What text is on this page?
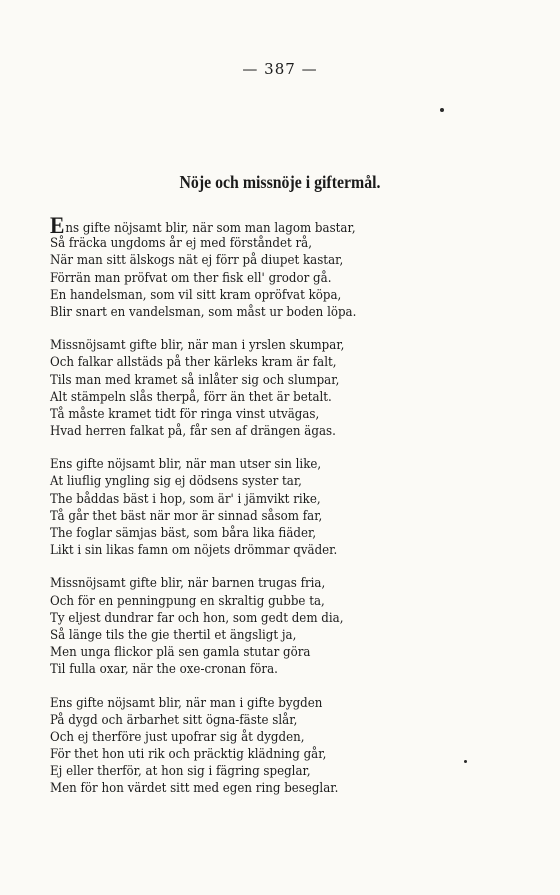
— 387 —
Nöje och missnöje i giftermål.
Ens gifte nöjsamt blir, när som man lagom bastar,
Så fräcka ungdoms år ej med förståndet rå,
När man sitt älskogs nät ej förr på diupet kastar,
Förrän man pröfvat om ther fisk ell' grodor gå.
En handelsman, som vil sitt kram opröfvat köpa,
Blir snart en vandelsman, som måst ur boden löpa.
Missnöjsamt gifte blir, när man i yrslen skumpar,
Och falkar allstäds på ther kärleks kram är falt,
Tils man med kramet så inlåter sig och slumpar,
Alt stämpeln slås therpå, förr än thet är betalt.
Tå måste kramet tidt för ringa vinst utvägas,
Hvad herren falkat på, får sen af drängen ägas.
Ens gifte nöjsamt blir, när man utser sin like,
At liuflig yngling sig ej dödsens syster tar,
The båddas bäst i hop, som är' i jämvikt rike,
Tå går thet bäst när mor är sinnad såsom far,
The foglar sämjas bäst, som båra lika fiäder,
Likt i sin likas famn om nöjets drömmar qväder.
Missnöjsamt gifte blir, när barnen trugas fria,
Och för en penningpung en skraltig gubbe ta,
Ty eljest dundrar far och hon, som gedt dem dia,
Så länge tils the gie thertil et ängsligt ja,
Men unga flickor plä sen gamla stutar göra
Til fulla oxar, när the oxe-cronan föra.
Ens gifte nöjsamt blir, när man i gifte bygden
På dygd och ärbarhet sitt ögna-fäste slår,
Och ej therföre just upofrar sig åt dygden,
För thet hon uti rik och präcktig klädning går,
Ej eller therför, at hon sig i fägring speglar,
Men för hon värdet sitt med egen ring beseglar.
